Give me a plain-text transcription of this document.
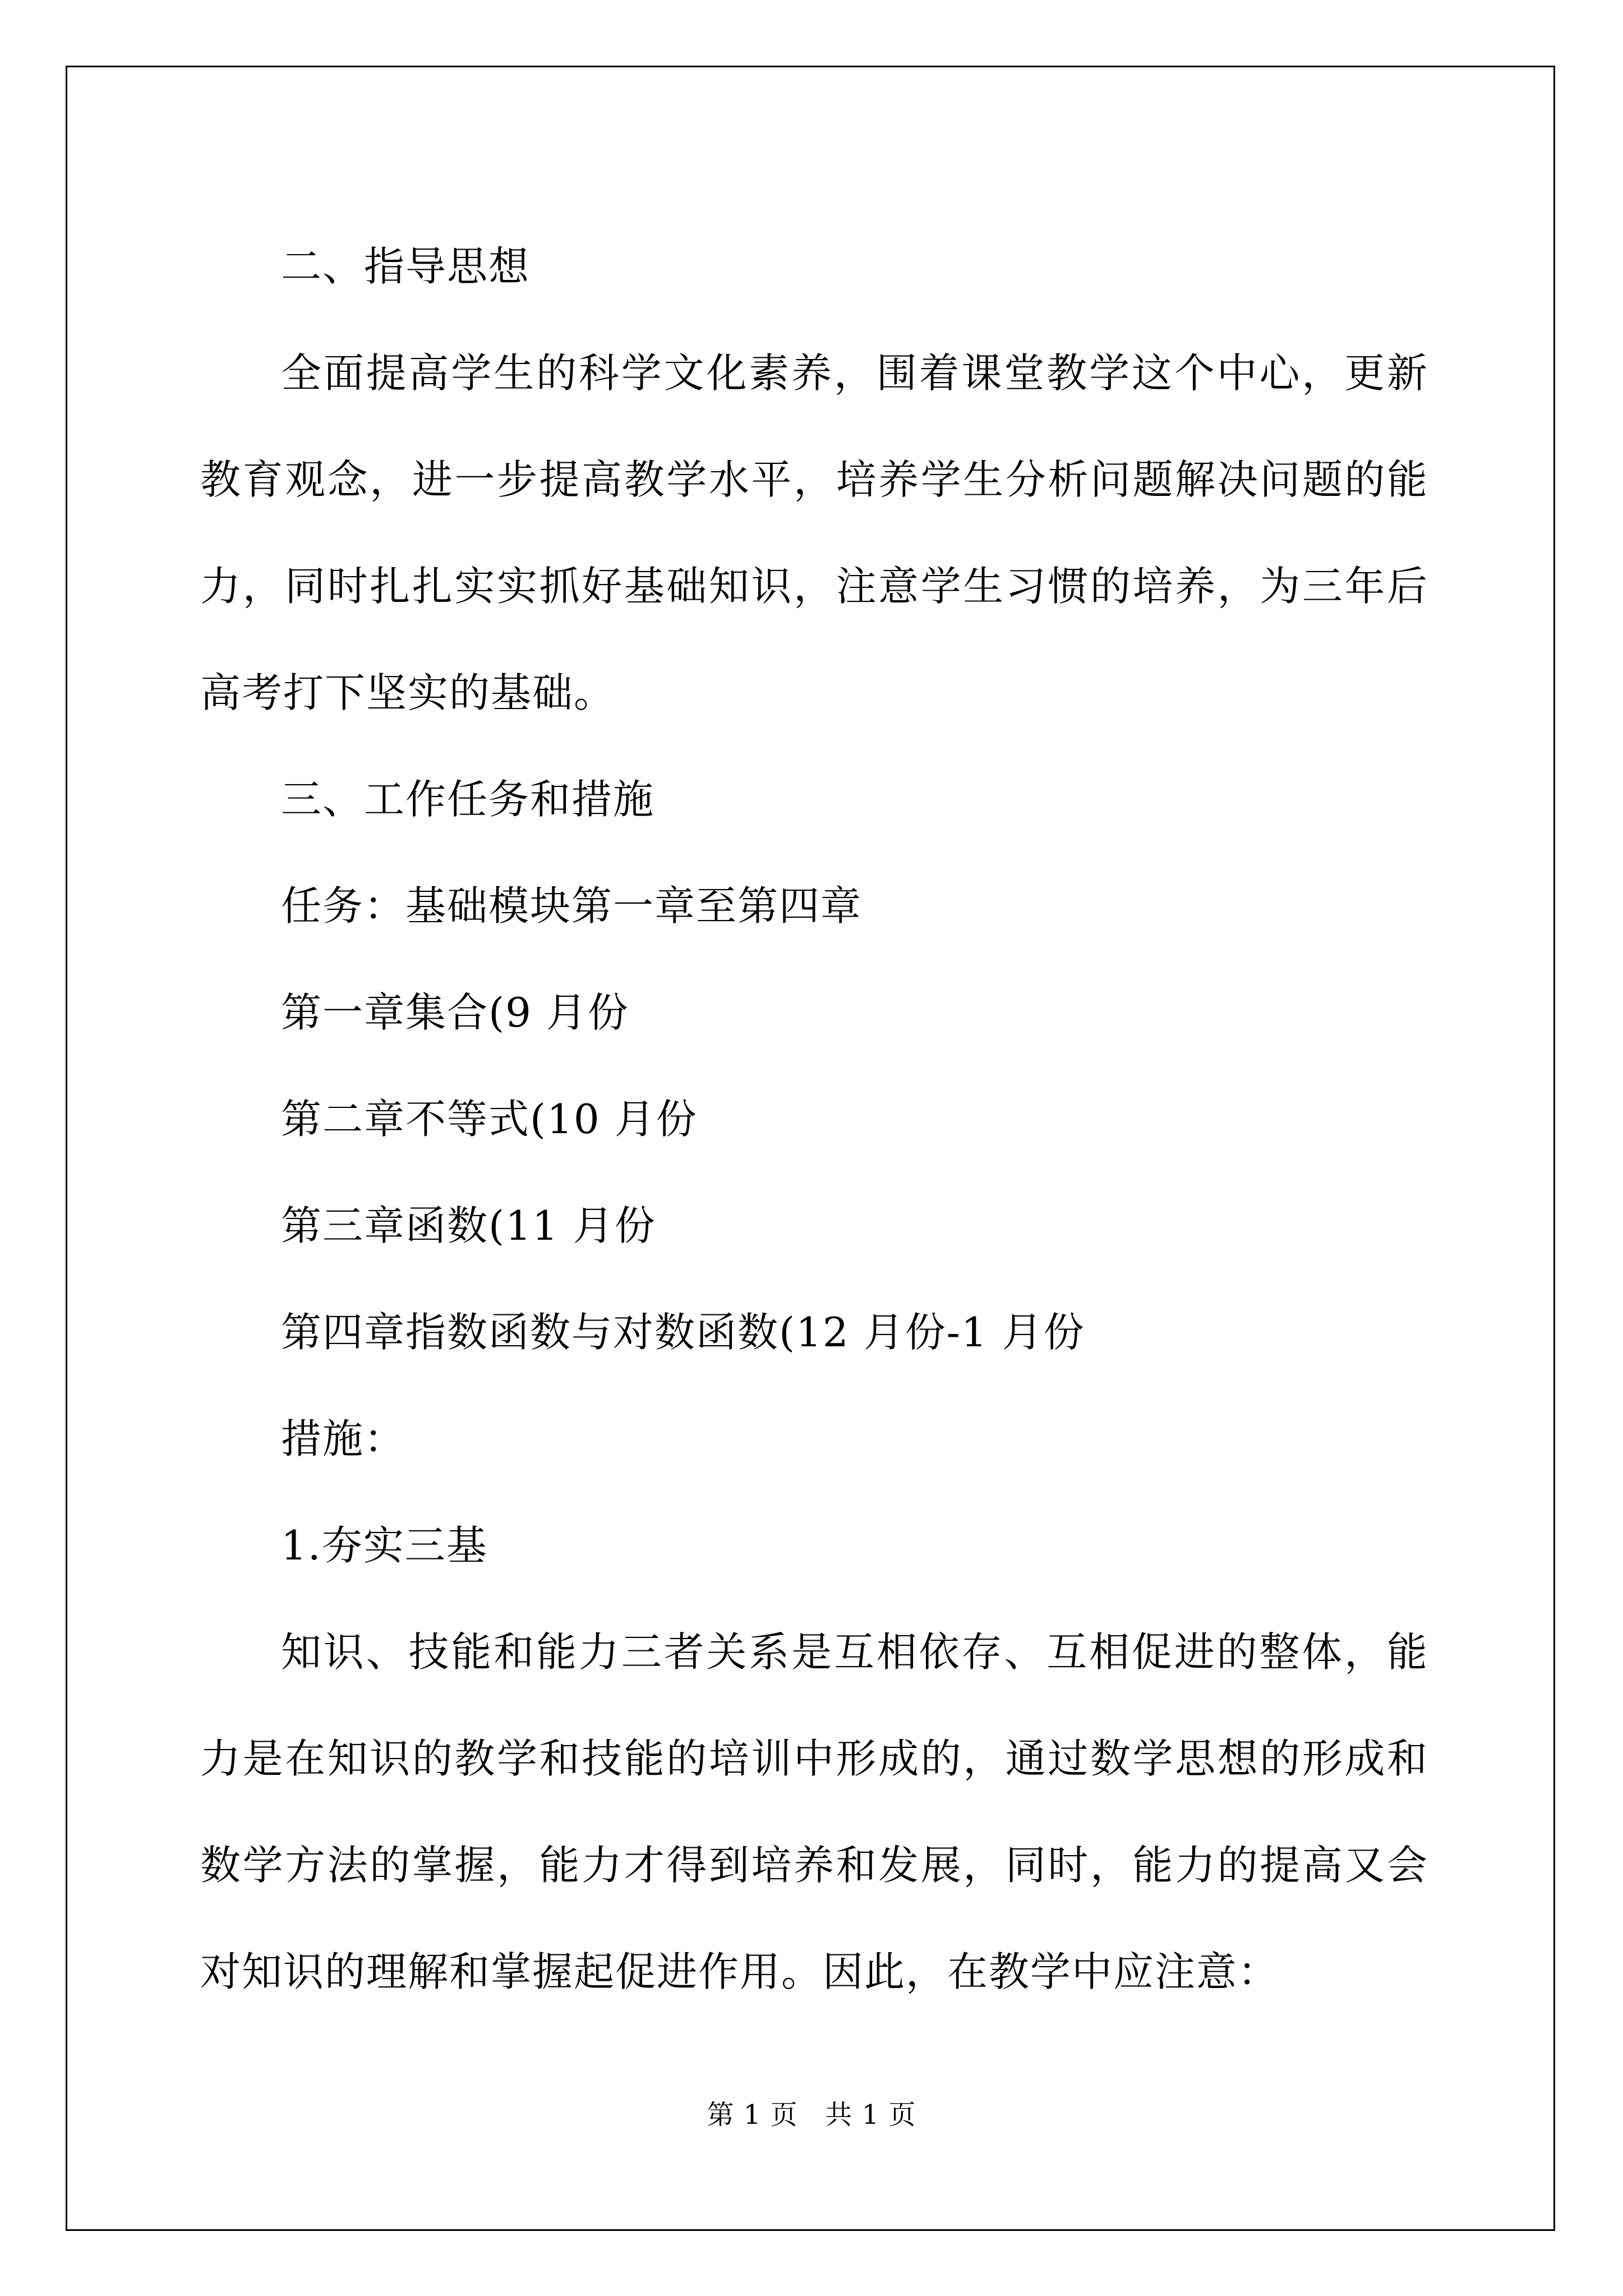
二、指导思想

全面提高学生的科学文化素养，围着课堂教学这个中心，更新教育观念，进一步提高教学水平，培养学生分析问题解决问题的能力，同时扎扎实实抓好基础知识，注意学生习惯的培养，为三年后高考打下坚实的基础。

三、工作任务和措施

任务：基础模块第一章至第四章

第一章集合(9 月份

第二章不等式(10 月份

第三章函数(11 月份

第四章指数函数与对数函数(12 月份-1 月份

措施：

1.夯实三基

知识、技能和能力三者关系是互相依存、互相促进的整体，能力是在知识的教学和技能的培训中形成的，通过数学思想的形成和数学方法的掌握，能力才得到培养和发展，同时，能力的提高又会对知识的理解和掌握起促进作用。因此，在教学中应注意：

第 1 页 共 1 页
